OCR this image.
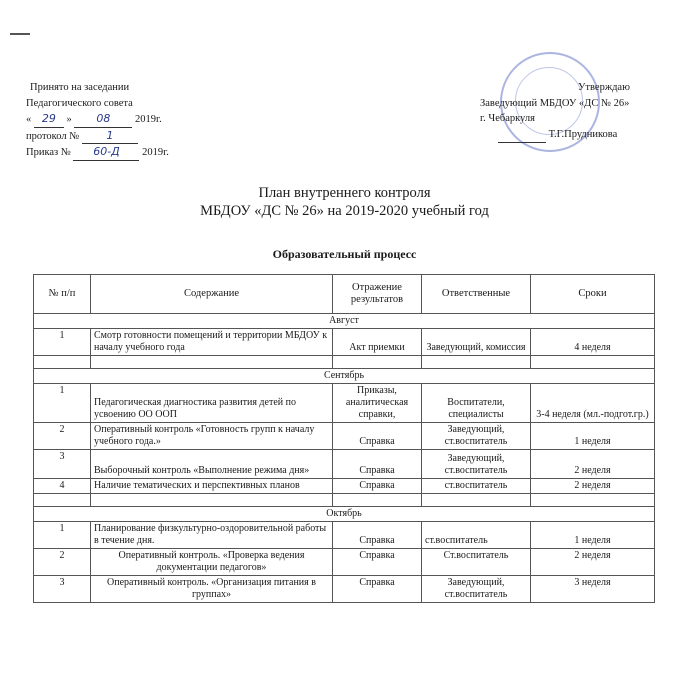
Принято на заседании
Педагогического совета
« 29 » 08 2019г.
протокол № 1
Приказ № 60-Д 2019г.
Утверждаю
Заведующий МБДОУ «ДС № 26»
г. Чебаркуля
Т.Г.Прудникова
План внутреннего контроля
МБДОУ «ДС № 26» на 2019-2020 учебный год
Образовательный процесс
№ п/п	Содержание	Отражение результатов	Ответственные	Сроки
Август				
1	Смотр готовности помещений и территории МБДОУ к началу учебного года	Акт приемки	Заведующий, комиссия	4 неделя

Сентябрь				
1	Педагогическая диагностика развития детей по усвоению ОО ООП	Приказы, аналитическая справки,	Воспитатели, специалисты	3-4 неделя (мл.-подгот.гр.)
2	Оперативный контроль «Готовность групп к началу учебного года.»	Справка	Заведующий, ст.воспитатель	1 неделя
3	Выборочный контроль «Выполнение режима дня»	Справка	Заведующий, ст.воспитатель	2 неделя
4	Наличие тематических и перспективных планов	Справка	ст.воспитатель	2 неделя

Октябрь				
1	Планирование физкультурно-оздоровительной работы в течение дня.	Справка	ст.воспитатель	1 неделя
2	Оперативный контроль. «Проверка ведения документации педагогов»	Справка	Ст.воспитатель	2 неделя
3	Оперативный контроль. «Организация питания в группах»	Справка	Заведующий, ст.воспитатель	3 неделя
